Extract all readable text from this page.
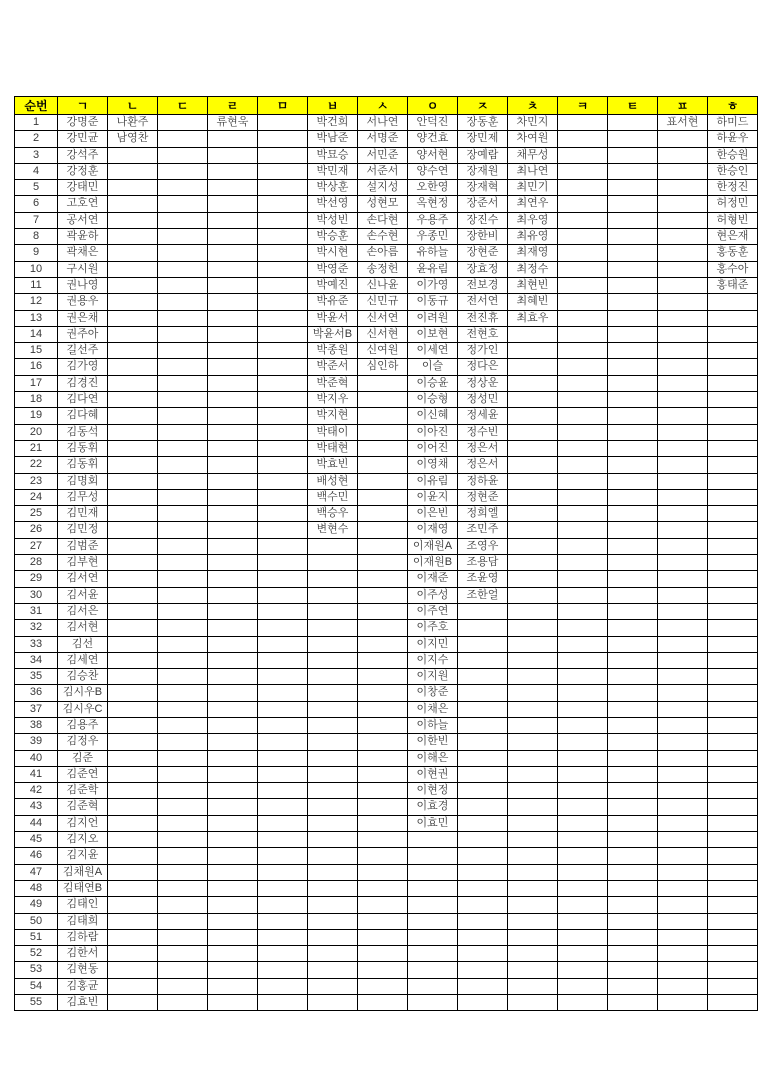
순번	ㄱ	ㄴ	ㄷ	ㄹ	ㅁ	ㅂ	ㅅ	ㅇ	ㅈ	ㅊ	ㅋ	ㅌ	ㅍ	ㅎ
1	강명준	나환주		류현욱		박건희	서나연	안덕진	장동훈	차민지			표서현	하미드
2	강민균	남영찬				박남준	서명준	양건효	장민제	차여원				하윤우
3	강석주					박묘승	서민준	양서현	장예람	채무성				한승원
4	강정훈					박민재	서준서	양수연	장재원	최나연				한승인
5	강태민					박상훈	설지성	오한영	장재혁	최민기				한정진
6	고호연					박선영	성현모	옥현정	장준서	최연우				허정민
7	공서연					박성빈	손다현	우용주	장진수	최우영				허형빈
8	곽윤하					박승훈	손수현	우종민	장한비	최유영				현은재
9	곽채은					박시현	손아름	유하늘	장현준	최재영				홍동훈
10	구시원					박영준	송정헌	윤유림	장효정	최정수				홍수아
11	권나영					박예진	신나윤	이가영	전보경	최현빈				홍태준
12	권용우					박유준	신민규	이동규	전서연	최혜빈				
13	권은채					박윤서	신서연	이려원	전진휴	최효우				
14	권주아					박윤서B	신서현	이보현	전현호					
15	길선주					박종원	신여원	이세연	정가인					
16	김가영					박준서	심인하	이슬	정다은					
17	김경진					박준혁		이승윤	정상운					
18	김다연					박지우		이승형	정성민					
19	김다혜					박지현		이신혜	정세윤					
20	김동석					박태이		이아진	정수빈					
21	김동휘					박태현		이어진	정은서					
22	김동휘					박효빈		이영채	정은서					
23	김명회					배성현		이유림	정하윤					
24	김무성					백수민		이윤지	정현준					
25	김민재					백승우		이은빈	정희엘					
26	김민정					변현수		이재영	조민주					
27	김범준							이재원A	조영우					
28	김부현							이재원B	조용담					
29	김서연							이재준	조윤영					
30	김서윤							이주성	조한얼					
31	김서은							이주연						
32	김서현							이주호						
33	김선							이지민						
34	김세연							이지수						
35	김승찬							이지원						
36	김시우B							이창준						
37	김시우C							이채은						
38	김용주							이하늘						
39	김정우							이한빈						
40	김준							이해은						
41	김준연							이현권						
42	김준학							이현정						
43	김준혁							이효경						
44	김지언							이효민						
45	김지오													
46	김지윤													
47	김채원A													
48	김태연B													
49	김태인													
50	김태희													
51	김하람													
52	김한서													
53	김현동													
54	김홍균													
55	김효빈													
